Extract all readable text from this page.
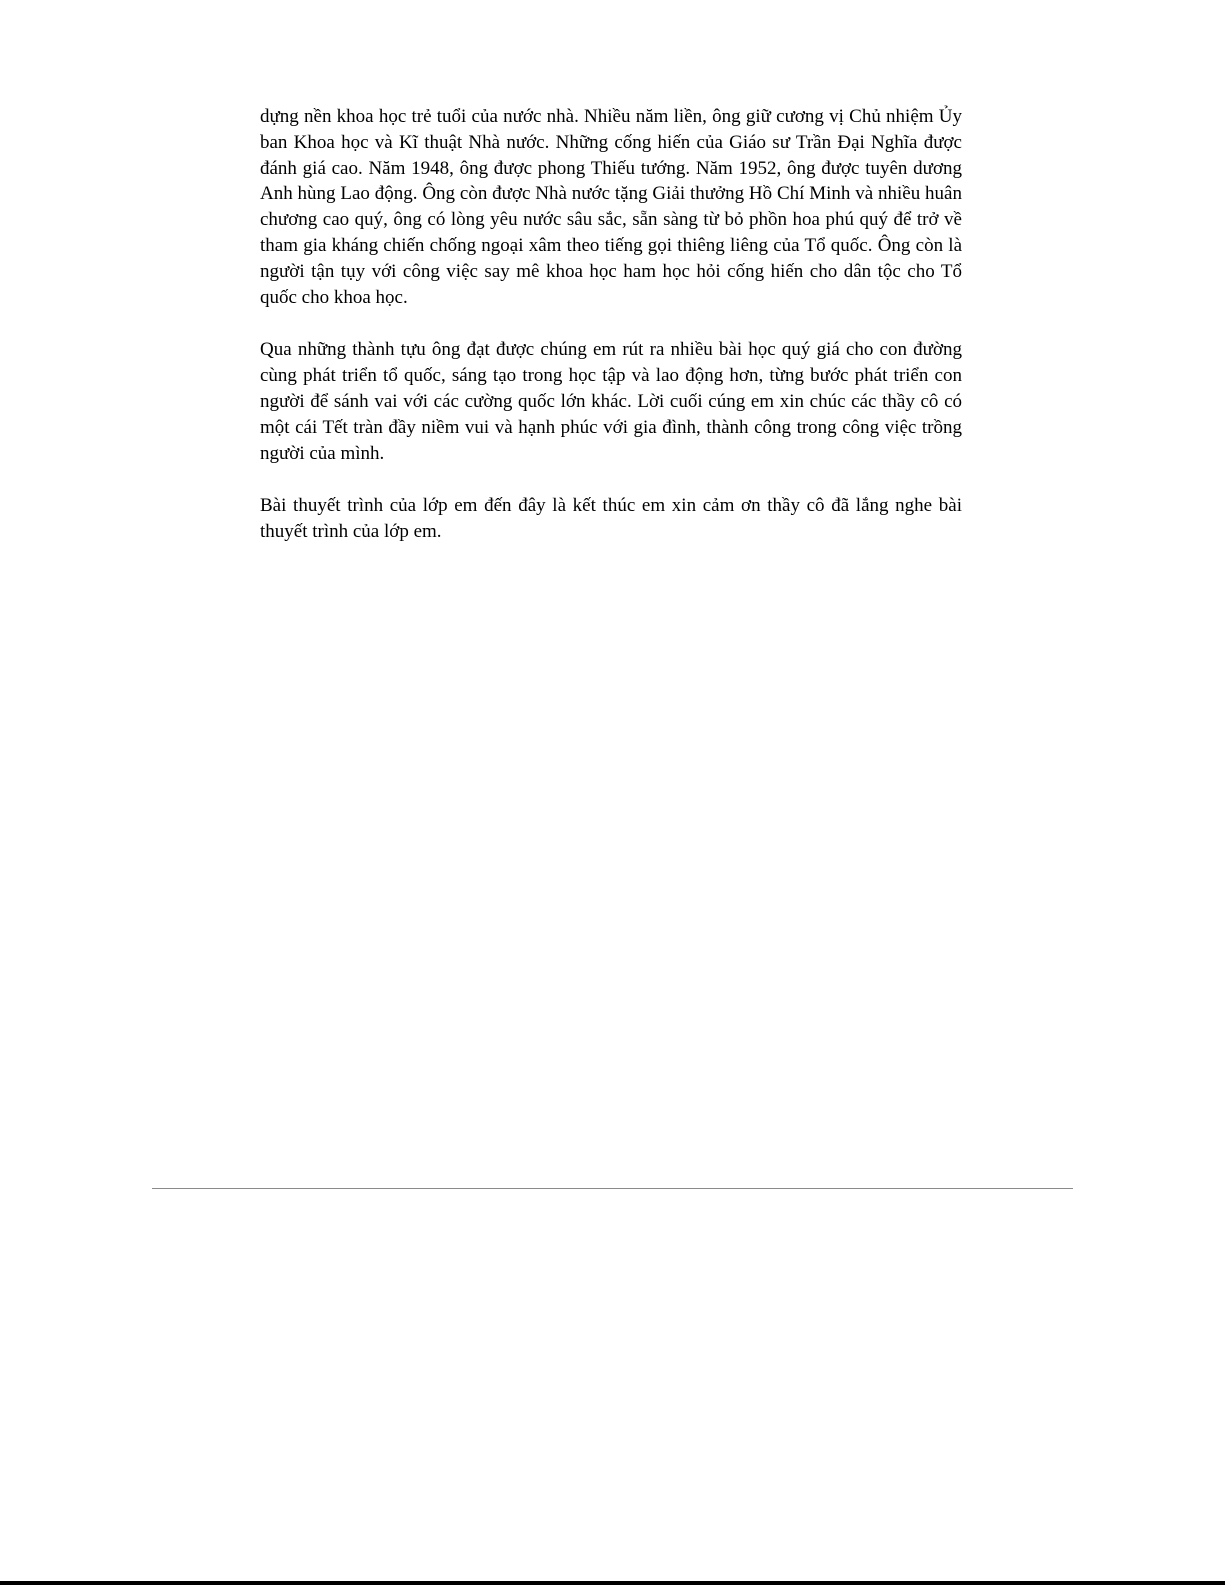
dựng nền khoa học trẻ tuổi của nước nhà. Nhiều năm liền, ông giữ cương vị Chủ nhiệm Ủy ban Khoa học và Kĩ thuật Nhà nước. Những cống hiến của Giáo sư Trần Đại Nghĩa được đánh giá cao. Năm 1948, ông được phong Thiếu tướng. Năm 1952, ông được tuyên dương Anh hùng Lao động. Ông còn được Nhà nước tặng Giải thưởng Hồ Chí Minh và nhiều huân chương cao quý, ông có lòng yêu nước sâu sắc, sẵn sàng từ bỏ phồn hoa phú quý để trở về tham gia kháng chiến chống ngoại xâm theo tiếng gọi thiêng liêng của Tổ quốc. Ông còn là người tận tụy với công việc say mê khoa học ham học hỏi cống hiến cho dân tộc cho Tổ quốc cho khoa học.

Qua những thành tựu ông đạt được chúng em rút ra nhiều bài học quý giá cho con đường cùng phát triển tổ quốc, sáng tạo trong học tập và lao động hơn, từng bước phát triển con người để sánh vai với các cường quốc lớn khác. Lời cuối cúng em xin chúc các thầy cô có một cái Tết tràn đầy niềm vui và hạnh phúc với gia đình, thành công trong công việc trồng người của mình.

Bài thuyết trình của lớp em đến đây là kết thúc em xin cảm ơn thầy cô đã lắng nghe bài thuyết trình của lớp em.
